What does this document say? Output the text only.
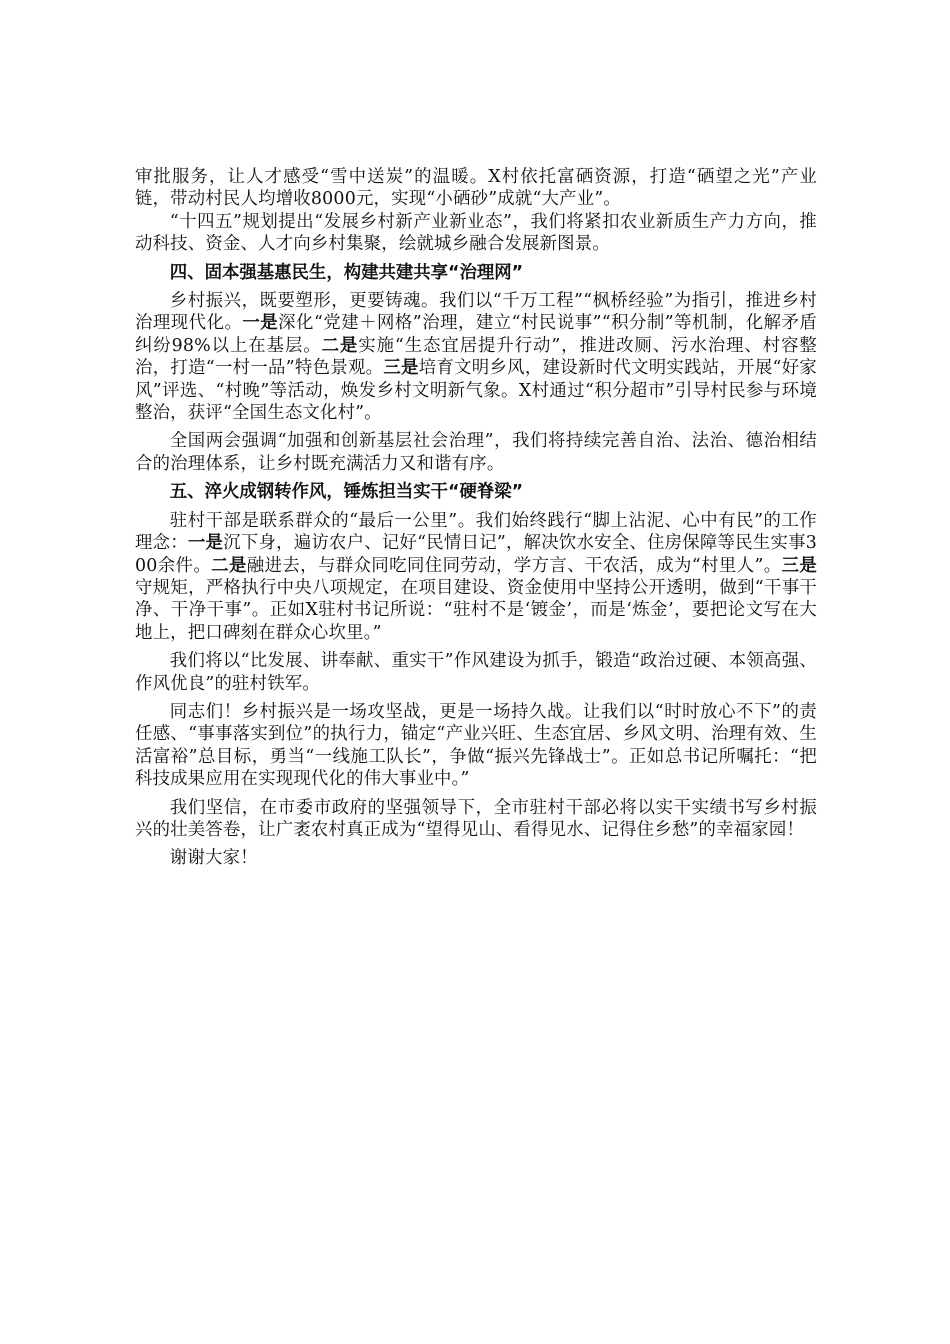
审批服务，让人才感受“雪中送炭”的温暖。X村依托富硒资源，打造“硒望之光”产业链，带动村民人均增收8000元，实现“小硒砂”成就“大产业”。

“十四五”规划提出“发展乡村新产业新业态”，我们将紧扣农业新质生产力方向，推动科技、资金、人才向乡村集聚，绘就城乡融合发展新图景。

四、固本强基惠民生，构建共建共享“治理网”

乡村振兴，既要塑形，更要铸魂。我们以“千万工程”“枫桥经验”为指引，推进乡村治理现代化。一是深化“党建＋网格”治理，建立“村民说事”“积分制”等机制，化解矛盾纠纷98%以上在基层。二是实施“生态宜居提升行动”，推进改厕、污水治理、村容整治，打造“一村一品”特色景观。三是培育文明乡风，建设新时代文明实践站，开展“好家风”评选、“村晚”等活动，焕发乡村文明新气象。X村通过“积分超市”引导村民参与环境整治，获评“全国生态文化村”。

全国两会强调“加强和创新基层社会治理”，我们将持续完善自治、法治、德治相结合的治理体系，让乡村既充满活力又和谐有序。

五、淬火成钢转作风，锤炼担当实干“硬脊梁”

驻村干部是联系群众的“最后一公里”。我们始终践行“脚上沾泥、心中有民”的工作理念：一是沉下身，遍访农户、记好“民情日记”，解决饮水安全、住房保障等民生实事300余件。二是融进去，与群众同吃同住同劳动，学方言、干农活，成为“村里人”。三是守规矩，严格执行中央八项规定，在项目建设、资金使用中坚持公开透明，做到“干事干净、干净干事”。正如X驻村书记所说：“驻村不是‘镀金’，而是‘炼金’，要把论文写在大地上，把口碑刻在群众心坎里。”

我们将以“比发展、讲奉献、重实干”作风建设为抓手，锻造“政治过硬、本领高强、作风优良”的驻村铁军。

同志们！乡村振兴是一场攻坚战，更是一场持久战。让我们以“时时放心不下”的责任感、“事事落实到位”的执行力，锚定“产业兴旺、生态宜居、乡风文明、治理有效、生活富裕”总目标，勇当“一线施工队长”，争做“振兴先锋战士”。正如总书记所嘱托：“把科技成果应用在实现现代化的伟大事业中。”

我们坚信，在市委市政府的坚强领导下，全市驻村干部必将以实干实绩书写乡村振兴的壮美答卷，让广袤农村真正成为“望得见山、看得见水、记得住乡愁”的幸福家园！

谢谢大家！
